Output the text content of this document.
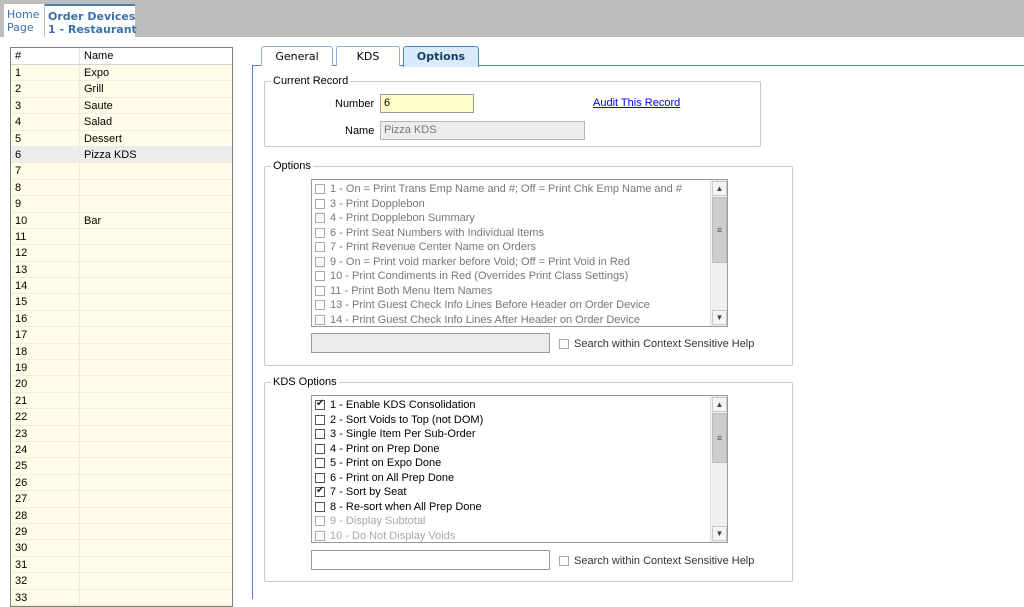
Home
Page
Order Devices
1 - Restaurant
#	Name
1	Expo
2	Grill
3	Saute
4	Salad
5	Dessert
6	Pizza KDS
7
8
9
10	Bar
11
12
13
14
15
16
17
18
19
20
21
22
23
24
25
26
27
28
29
30
31
32
33
General	KDS	Options
Current Record
Number 6	Audit This Record
Name Pizza KDS
Options
1 - On = Print Trans Emp Name and #; Off = Print Chk Emp Name and #
3 - Print Dopplebon
4 - Print Dopplebon Summary
6 - Print Seat Numbers with Individual Items
7 - Print Revenue Center Name on Orders
9 - On = Print void marker before Void; Off = Print Void in Red
10 - Print Condiments in Red (Overrides Print Class Settings)
11 - Print Both Menu Item Names
13 - Print Guest Check Info Lines Before Header on Order Device
14 - Print Guest Check Info Lines After Header on Order Device
▲
≡
▼
Search within Context Sensitive Help
KDS Options
✔
1 - Enable KDS Consolidation
2 - Sort Voids to Top (not DOM)
3 - Single Item Per Sub-Order
4 - Print on Prep Done
5 - Print on Expo Done
6 - Print on All Prep Done
✔
7 - Sort by Seat
8 - Re-sort when All Prep Done
9 - Display Subtotal
10 - Do Not Display Voids
▲
≡
▼
Search within Context Sensitive Help
